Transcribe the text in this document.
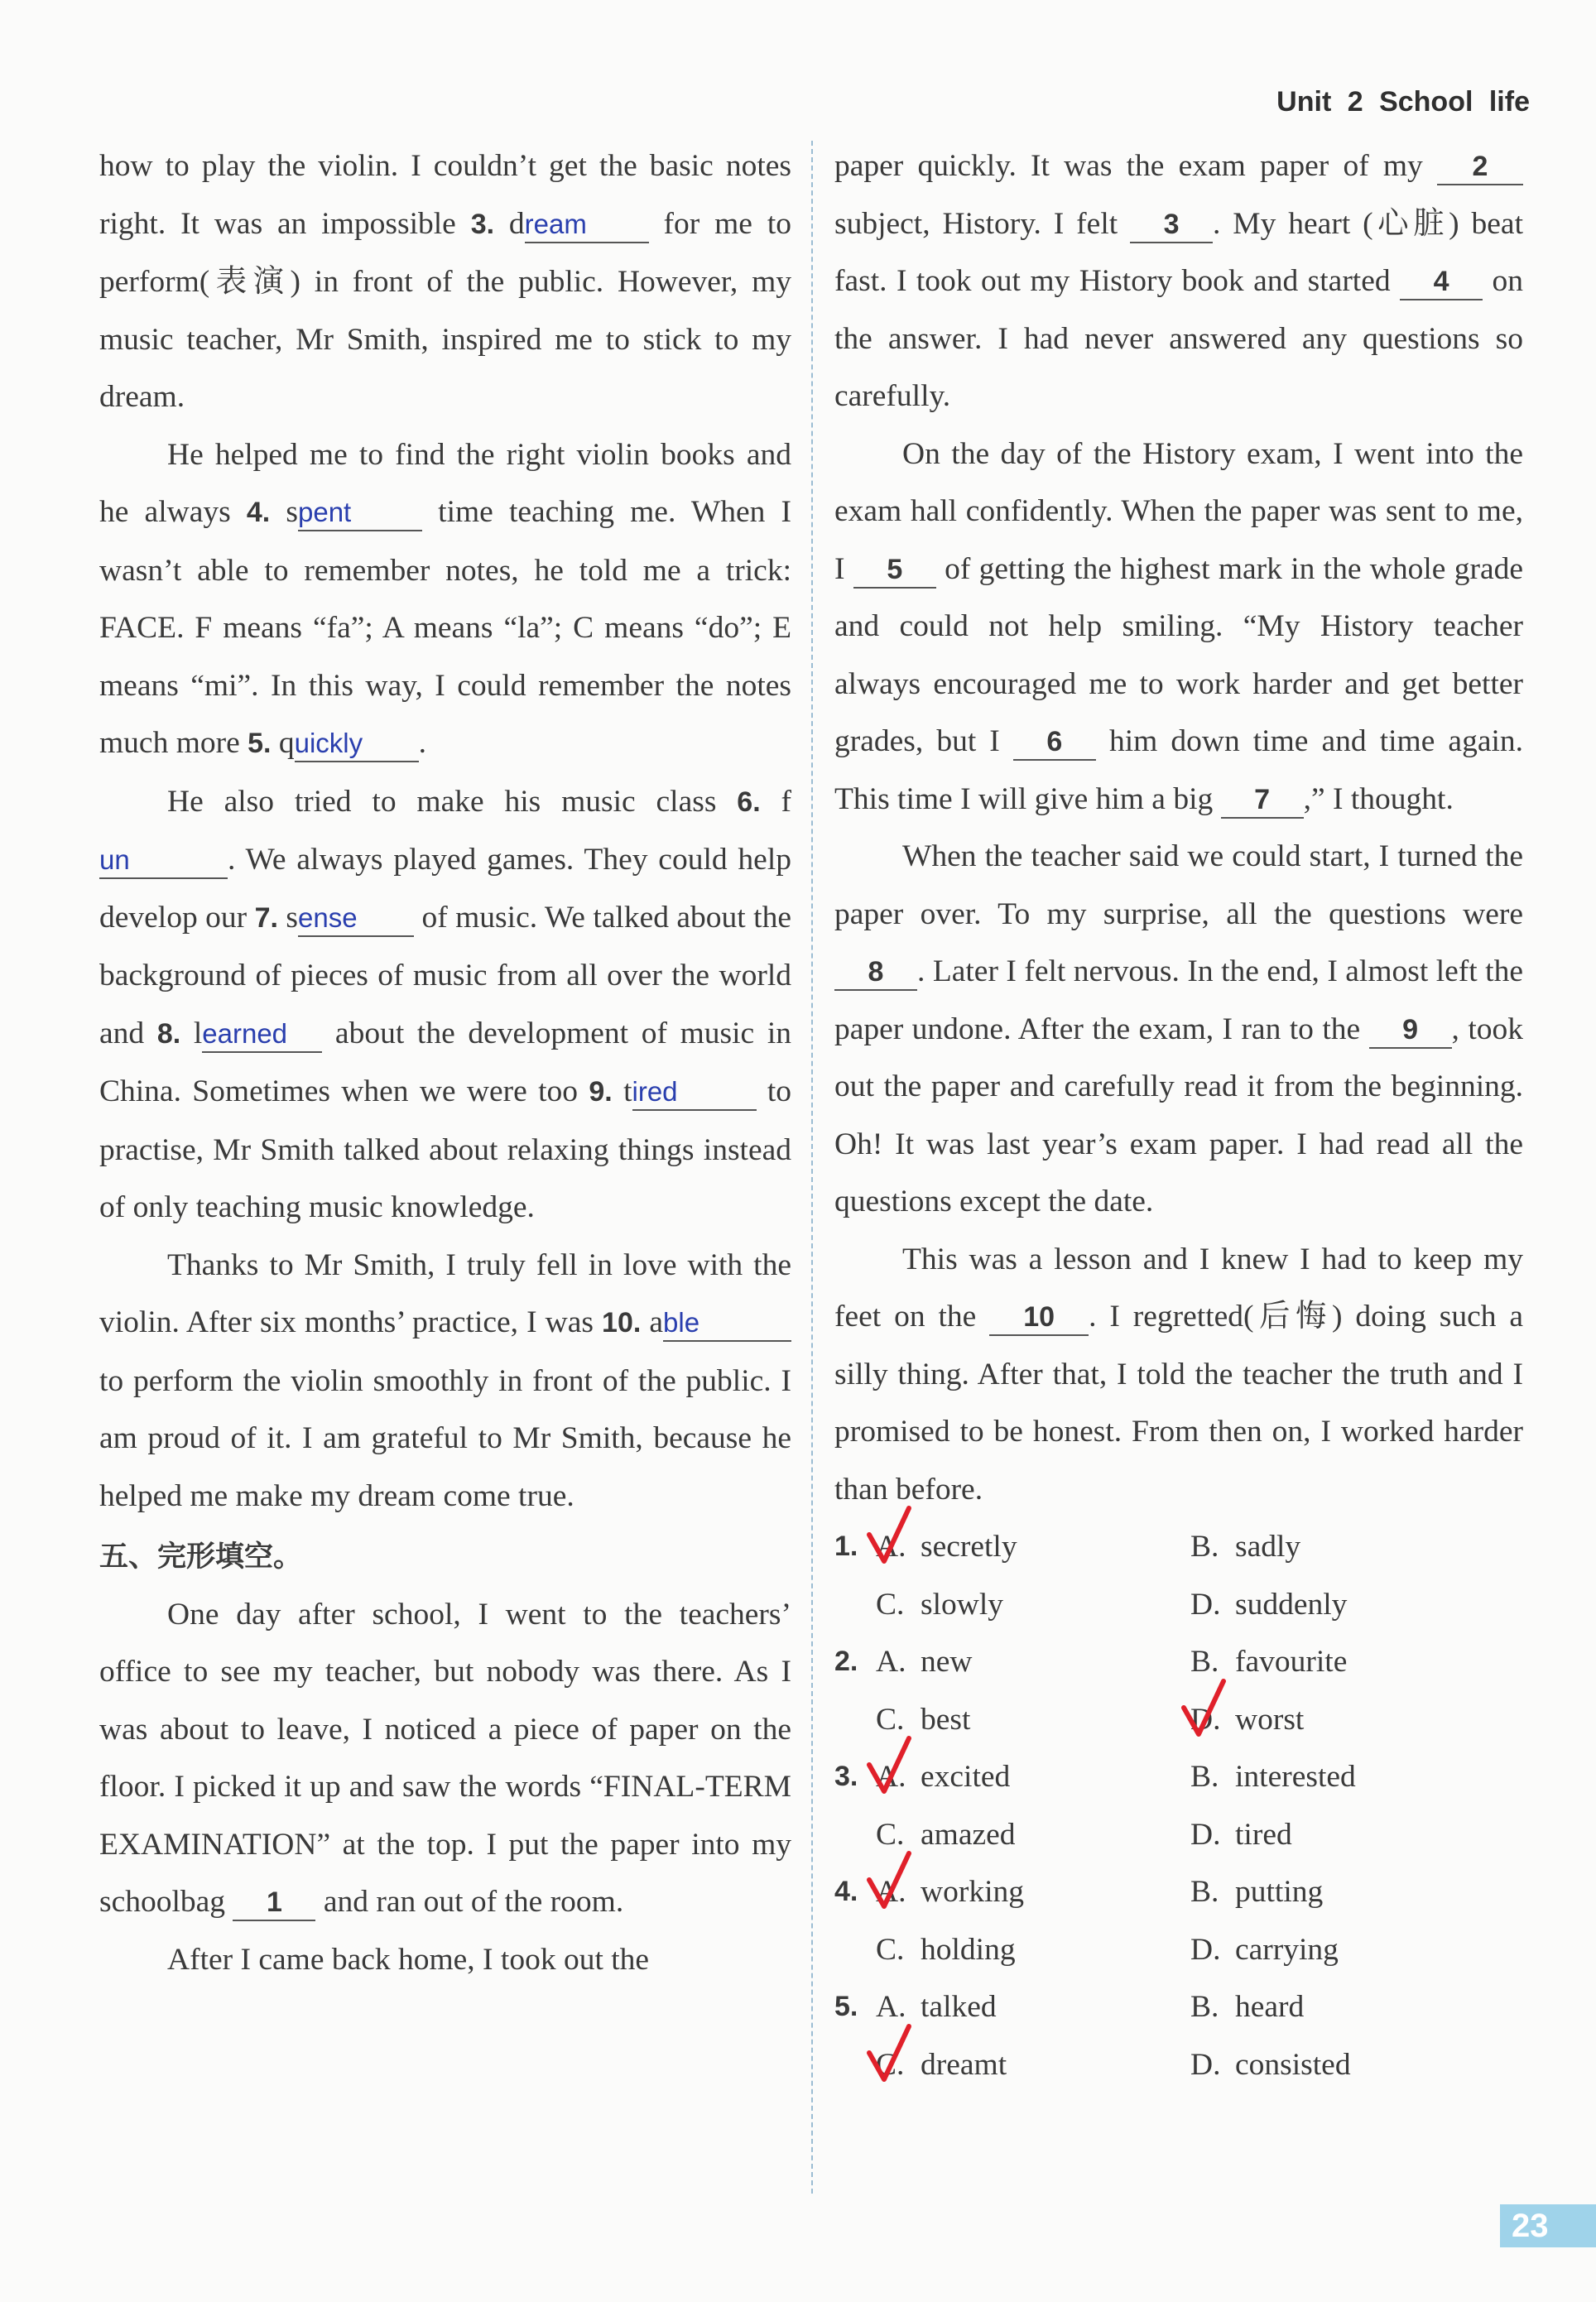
Unit 2 School life

how to play the violin. I couldn’t get the basic notes right. It was an impossible 3. dream for me to perform(表演) in front of the public. However, my music teacher, Mr Smith, inspired me to stick to my dream.

He helped me to find the right violin books and he always 4. spent time teaching me. When I wasn’t able to remember notes, he told me a trick: FACE. F means “fa”; A means “la”; C means “do”; E means “mi”. In this way, I could remember the notes much more 5. quickly .

He also tried to make his music class 6. fun	. We always played games. They could help develop our 7. sense of music. We talked about the background of pieces of music from all over the world and 8. learned about the development of music in China. Sometimes when we were too 9. tired	to practise, Mr Smith talked about relaxing things instead of only teaching music knowledge.

Thanks to Mr Smith, I truly fell in love with the violin. After six months’ practice, I was 10. able to perform the violin smoothly in front of the public. I am proud of it. I am grateful to Mr Smith, because he helped me make my dream come true.

五、完形填空。

One day after school, I went to the teachers’ office to see my teacher, but nobody was there. As I was about to leave, I noticed a piece of paper on the floor. I picked it up and saw the words “FINAL-TERM EXAMINATION” at the top. I put the paper into my schoolbag 1 and ran out of the room.

After I came back home, I took out the

paper quickly. It was the exam paper of my 2 subject, History. I felt 3 . My heart (心脏) beat fast. I took out my History book and started 4 on the answer. I had never answered any questions so carefully.

On the day of the History exam, I went into the exam hall confidently. When the paper was sent to me, I 5 of getting the highest mark in the whole grade and could not help smiling. “My History teacher always encouraged me to work harder and get better grades, but I 6 him down time and time again. This time I will give him a big 7 ,” I thought.

When the teacher said we could start, I turned the paper over. To my surprise, all the questions were 8 . Later I felt nervous. In the end, I almost left the paper undone. After the exam, I ran to the 9 , took out the paper and carefully read it from the beginning. Oh! It was last year’s exam paper. I had read all the questions except the date.

This was a lesson and I knew I had to keep my feet on the 10 . I regretted(后悔) doing such a silly thing. After that, I told the teacher the truth and I promised to be honest. From then on, I worked harder than before.

1. A. secretly	B. sadly
C. slowly	D. suddenly
2. A. new	B. favourite
C. best	D. worst
3. A. excited	B. interested
C. amazed	D. tired
4. A. working	B. putting
C. holding	D. carrying
5. A. talked	B. heard
C. dreamt	D. consisted
23
